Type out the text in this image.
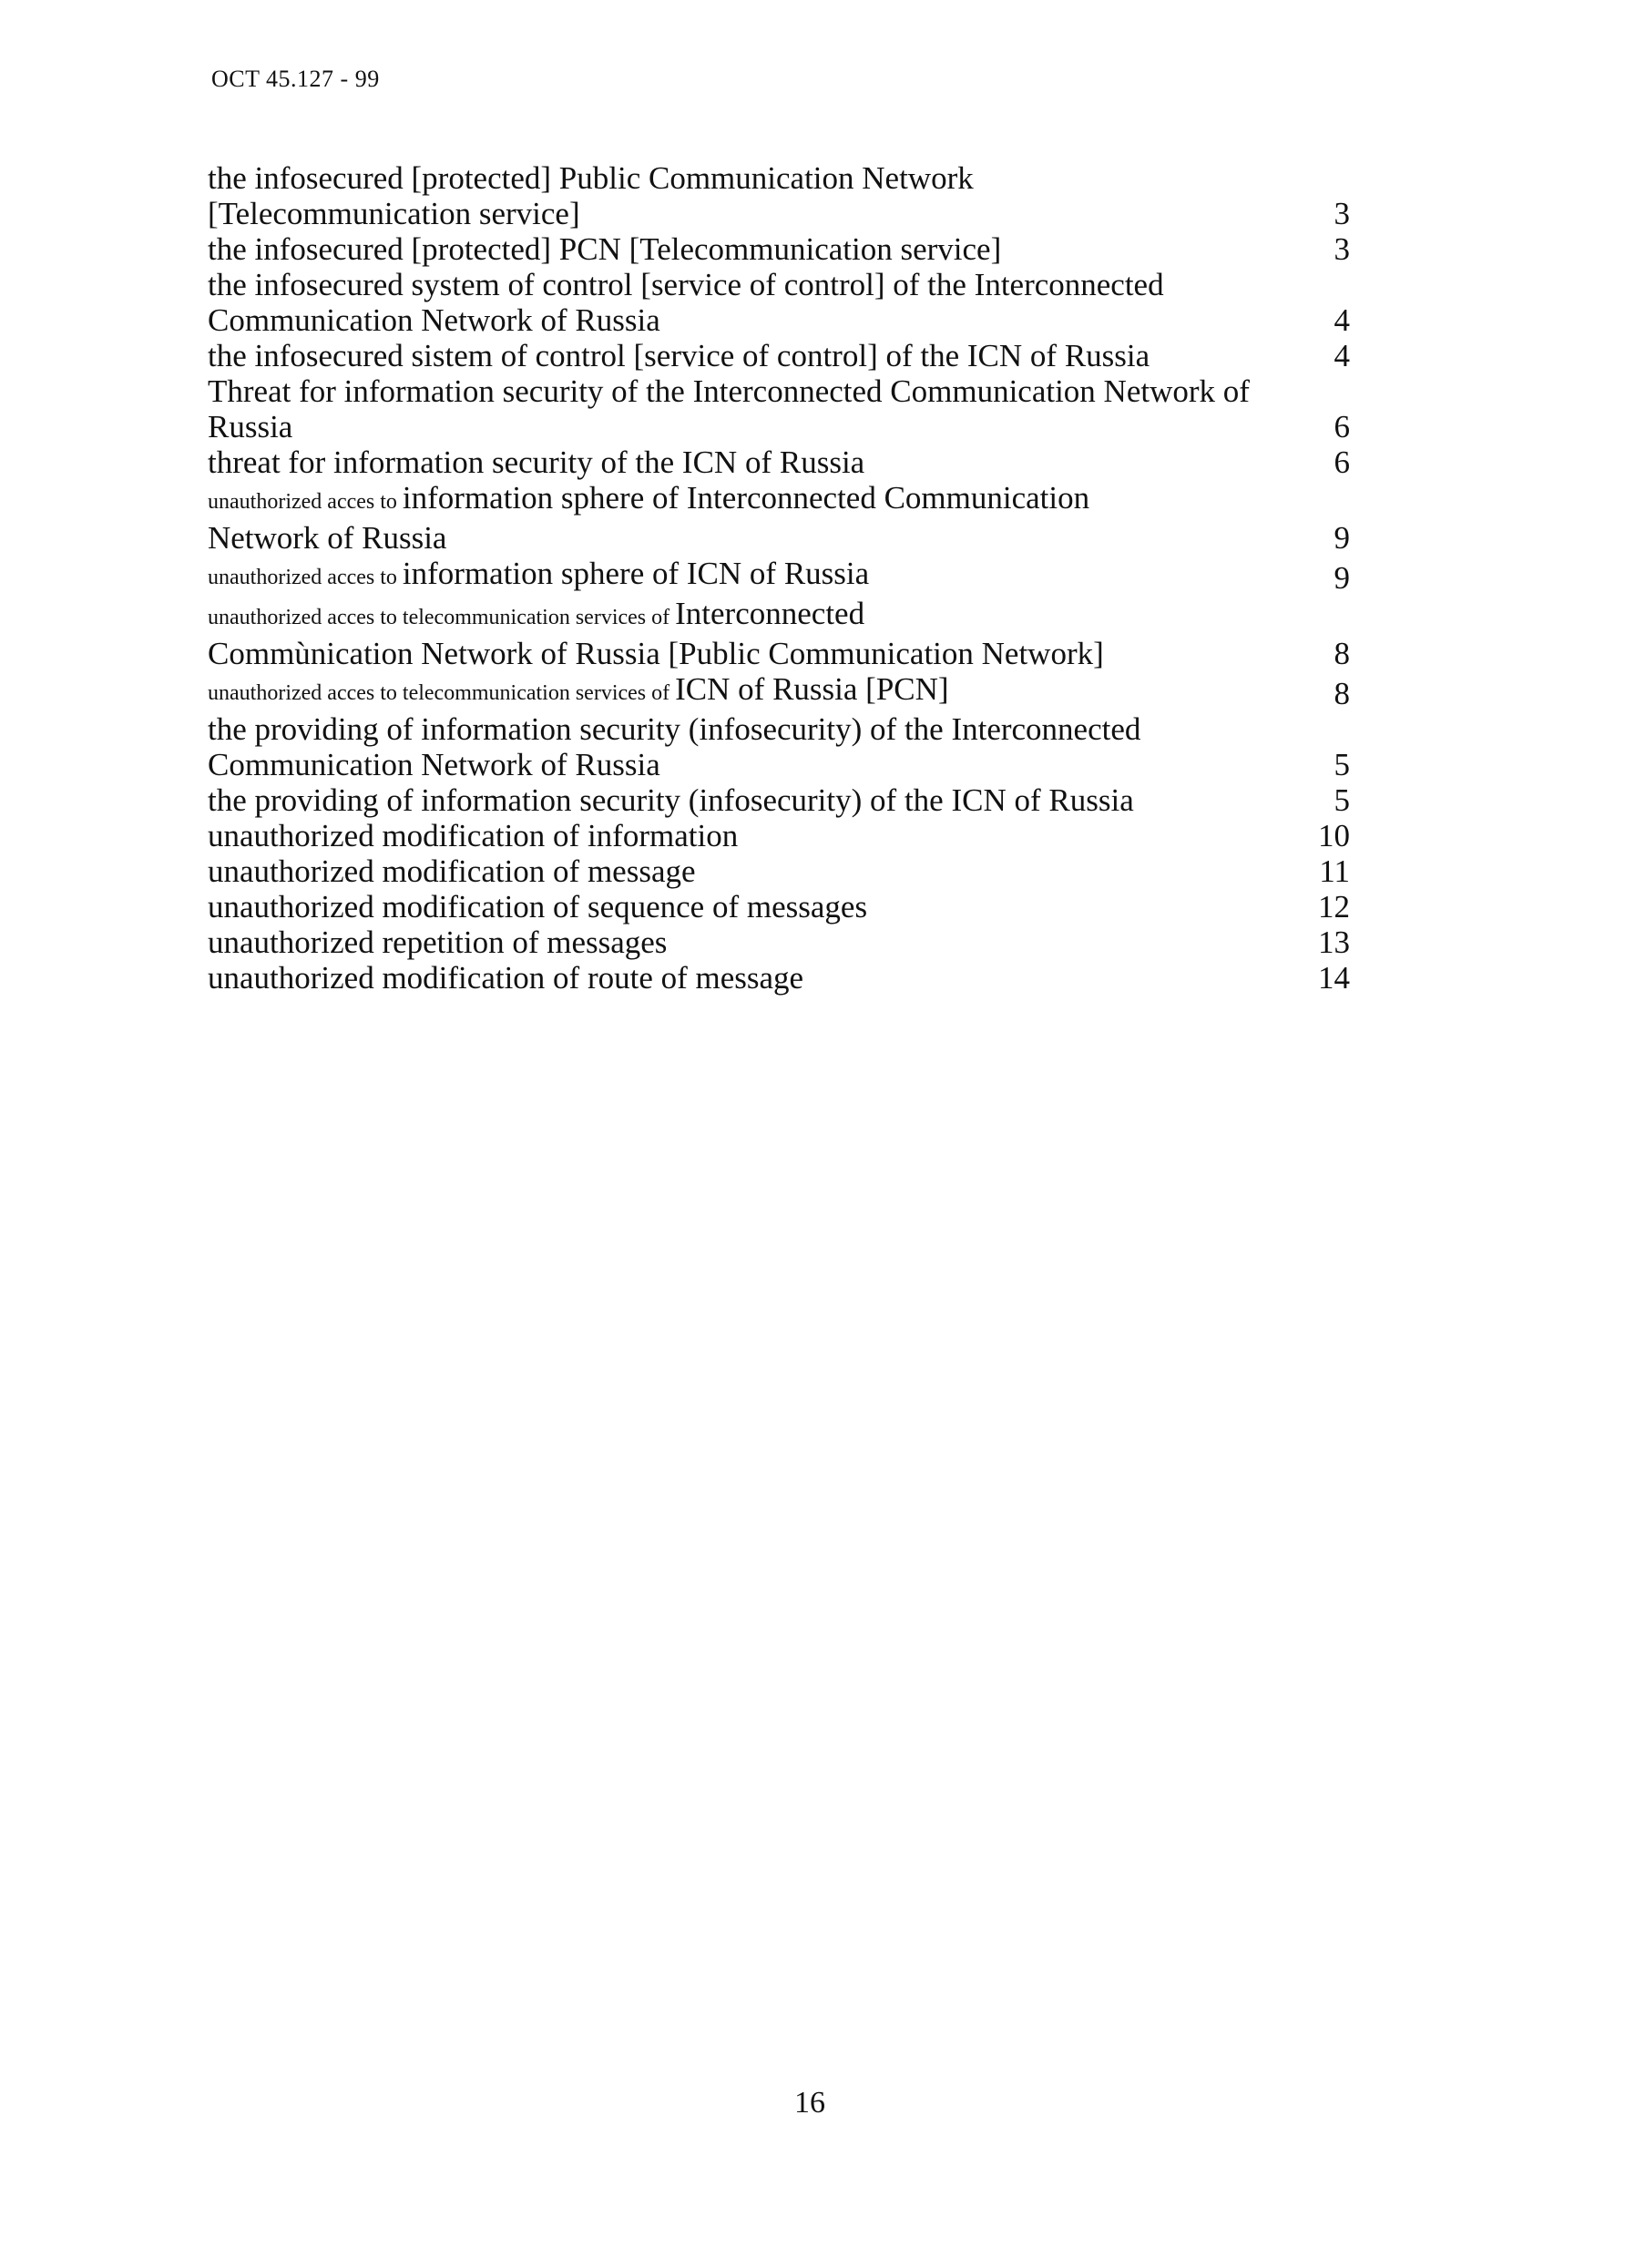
OCT 45.127 - 99
the infosecured [protected] Public Communication Network
[Telecommunication service]	3
the infosecured [protected] PCN [Telecommunication service]	3
the infosecured system of control [service of control] of the Interconnected
Communication Network of Russia	4
the infosecured sistem of control [service of control] of the ICN of Russia	4
Threat for information security of the Interconnected Communication Network of
Russia	6
threat for information security of the ICN of Russia	6
unauthorized acces to information sphere of Interconnected Communication
Network of Russia	9
unauthorized acces to information sphere of ICN of Russia	9
unauthorized acces to telecommunication services of Interconnected
Commùnication Network of Russia [Public Communication Network]	8
unauthorized acces to telecommunication services of ICN of Russia [PCN]	8
the providing of information security (infosecurity) of the Interconnected
Communication Network of Russia	5
the providing of information security (infosecurity) of the ICN of Russia	5
unauthorized modification of information	10
unauthorized modification of message	11
unauthorized modification of sequence of messages	12
unauthorized repetition of messages	13
unauthorized modification of route of message	14
16
